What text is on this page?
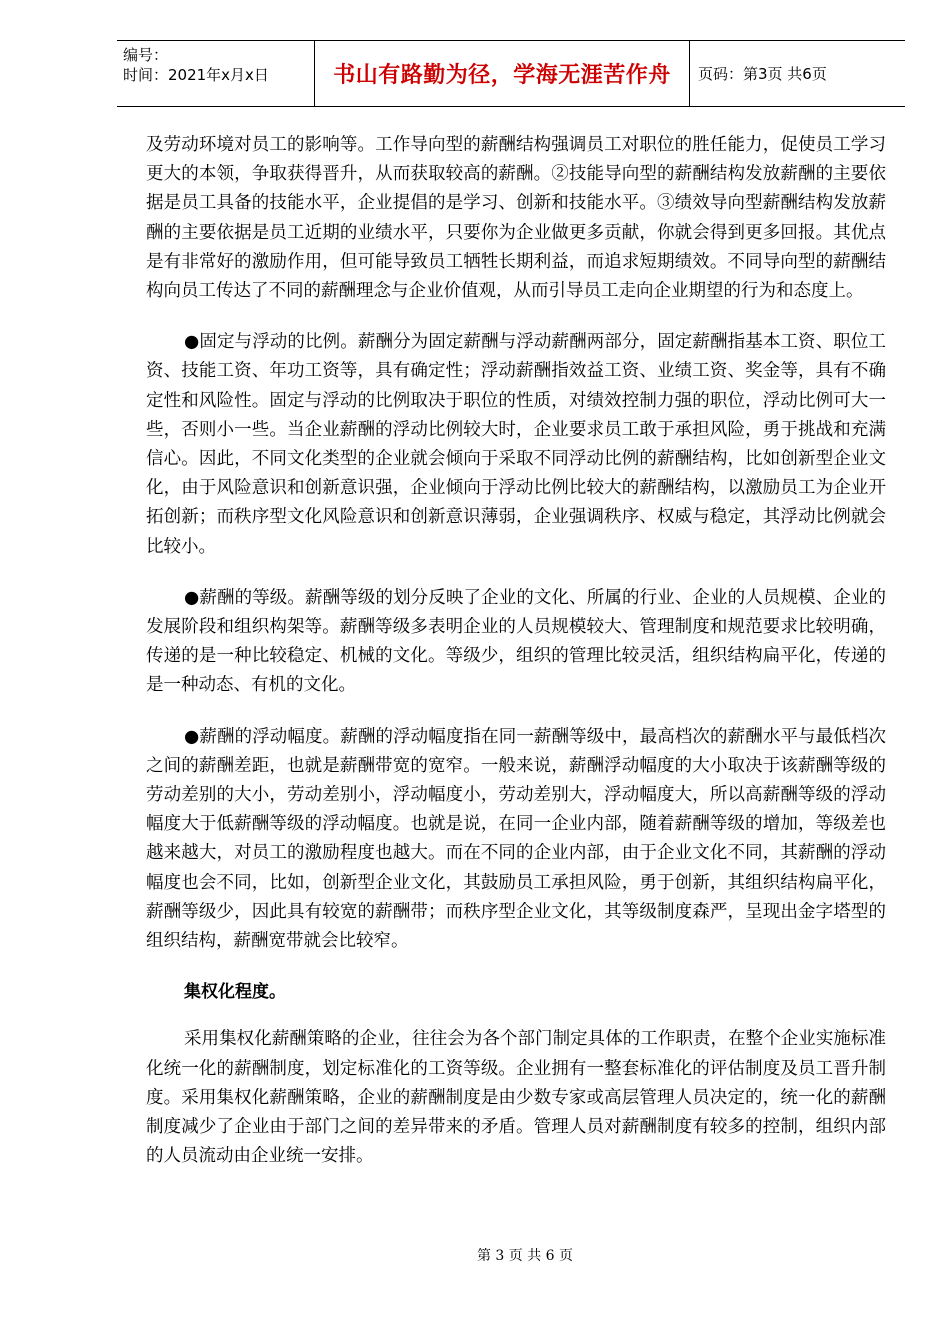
编号：
时间：2021年x月x日	书山有路勤为径，学海无涯苦作舟	页码：第3页 共6页

及劳动环境对员工的影响等。工作导向型的薪酬结构强调员工对职位的胜任能力，促使员工学习更大的本领，争取获得晋升，从而获取较高的薪酬。②技能导向型的薪酬结构发放薪酬的主要依据是员工具备的技能水平，企业提倡的是学习、创新和技能水平。③绩效导向型薪酬结构发放薪酬的主要依据是员工近期的业绩水平，只要你为企业做更多贡献，你就会得到更多回报。其优点是有非常好的激励作用，但可能导致员工牺牲长期利益，而追求短期绩效。不同导向型的薪酬结构向员工传达了不同的薪酬理念与企业价值观，从而引导员工走向企业期望的行为和态度上。

●固定与浮动的比例。薪酬分为固定薪酬与浮动薪酬两部分，固定薪酬指基本工资、职位工资、技能工资、年功工资等，具有确定性；浮动薪酬指效益工资、业绩工资、奖金等，具有不确定性和风险性。固定与浮动的比例取决于职位的性质，对绩效控制力强的职位，浮动比例可大一些，否则小一些。当企业薪酬的浮动比例较大时，企业要求员工敢于承担风险，勇于挑战和充满信心。因此，不同文化类型的企业就会倾向于采取不同浮动比例的薪酬结构，比如创新型企业文化，由于风险意识和创新意识强，企业倾向于浮动比例比较大的薪酬结构，以激励员工为企业开拓创新；而秩序型文化风险意识和创新意识薄弱，企业强调秩序、权威与稳定，其浮动比例就会比较小。

●薪酬的等级。薪酬等级的划分反映了企业的文化、所属的行业、企业的人员规模、企业的发展阶段和组织构架等。薪酬等级多表明企业的人员规模较大、管理制度和规范要求比较明确，传递的是一种比较稳定、机械的文化。等级少，组织的管理比较灵活，组织结构扁平化，传递的是一种动态、有机的文化。

●薪酬的浮动幅度。薪酬的浮动幅度指在同一薪酬等级中，最高档次的薪酬水平与最低档次之间的薪酬差距，也就是薪酬带宽的宽窄。一般来说，薪酬浮动幅度的大小取决于该薪酬等级的劳动差别的大小，劳动差别小，浮动幅度小，劳动差别大，浮动幅度大，所以高薪酬等级的浮动幅度大于低薪酬等级的浮动幅度。也就是说，在同一企业内部，随着薪酬等级的增加，等级差也越来越大，对员工的激励程度也越大。而在不同的企业内部，由于企业文化不同，其薪酬的浮动幅度也会不同，比如，创新型企业文化，其鼓励员工承担风险，勇于创新，其组织结构扁平化，薪酬等级少，因此具有较宽的薪酬带；而秩序型企业文化，其等级制度森严，呈现出金字塔型的组织结构，薪酬宽带就会比较窄。

集权化程度。

采用集权化薪酬策略的企业，往往会为各个部门制定具体的工作职责，在整个企业实施标准化统一化的薪酬制度，划定标准化的工资等级。企业拥有一整套标准化的评估制度及员工晋升制度。采用集权化薪酬策略，企业的薪酬制度是由少数专家或高层管理人员决定的，统一化的薪酬制度减少了企业由于部门之间的差异带来的矛盾。管理人员对薪酬制度有较多的控制，组织内部的人员流动由企业统一安排。

第 3 页 共 6 页
